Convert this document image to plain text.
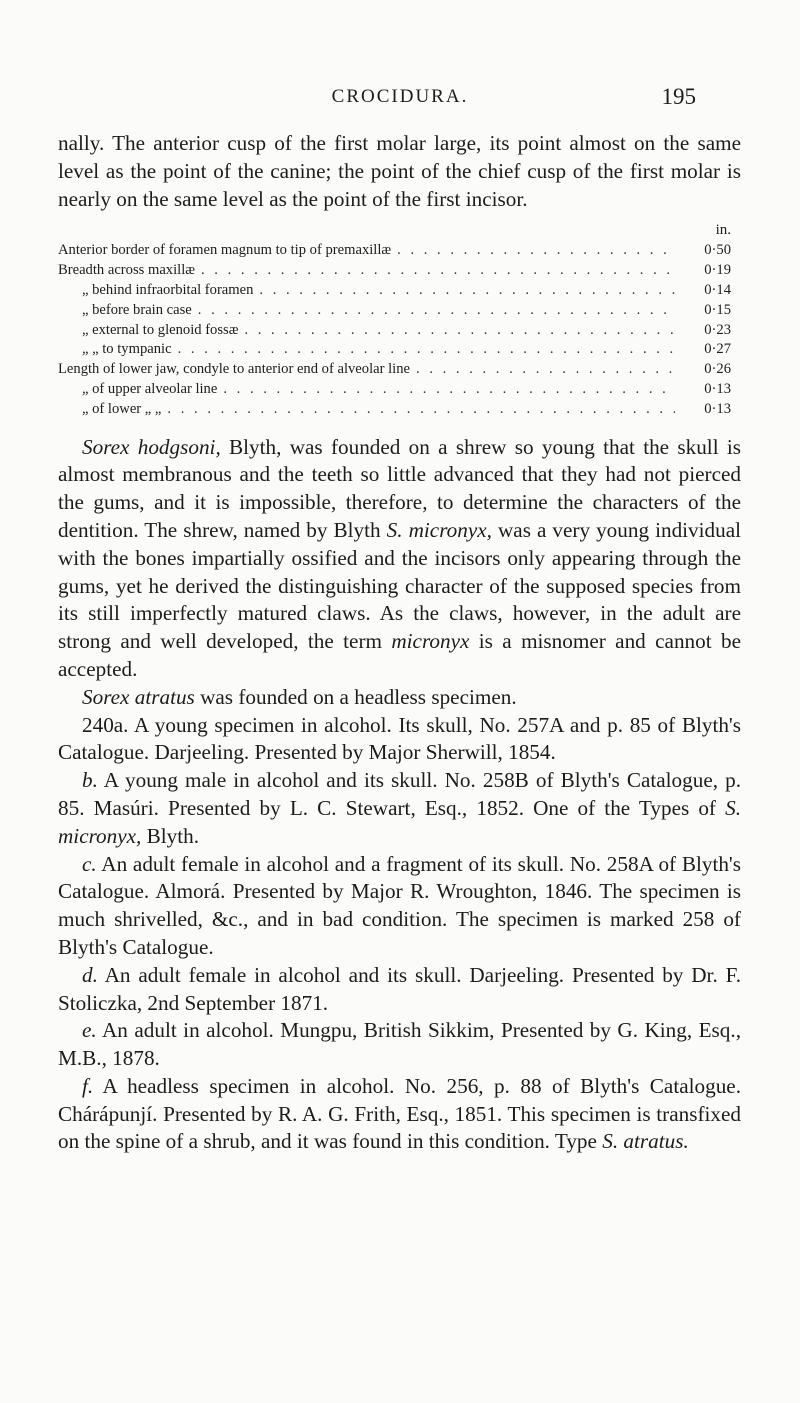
CROCIDURA.	195

nally. The anterior cusp of the first molar large, its point almost on the same level as the point of the canine; the point of the chief cusp of the first molar is nearly on the same level as the point of the first incisor.

in.
Anterior border of foramen magnum to tip of premaxillæ . . .	0·50
Breadth across maxillæ . . .	0·19
„ behind infraorbital foramen . . .	0·14
„ before brain case . . .	0·15
„ external to glenoid fossæ . . .	0·23
„ „ to tympanic . . .	0·27
Length of lower jaw, condyle to anterior end of alveolar line . . .	0·26
„ of upper alveolar line . . .	0·13
„ of lower „ „ . . .	0·13

Sorex hodgsoni, Blyth, was founded on a shrew so young that the skull is almost membranous and the teeth so little advanced that they had not pierced the gums, and it is impossible, therefore, to determine the characters of the dentition. The shrew, named by Blyth S. micronyx, was a very young individual with the bones impartially ossified and the incisors only appearing through the gums, yet he derived the distinguishing character of the supposed species from its still imperfectly matured claws. As the claws, however, in the adult are strong and well developed, the term micronyx is a misnomer and cannot be accepted.

Sorex atratus was founded on a headless specimen.

240a. A young specimen in alcohol. Its skull, No. 257A and p. 85 of Blyth's Catalogue. Darjeeling. Presented by Major Sherwill, 1854.

b. A young male in alcohol and its skull. No. 258B of Blyth's Catalogue, p. 85. Masúri. Presented by L. C. Stewart, Esq., 1852. One of the Types of S. micronyx, Blyth.

c. An adult female in alcohol and a fragment of its skull. No. 258A of Blyth's Catalogue. Almorá. Presented by Major R. Wroughton, 1846. The specimen is much shrivelled, &c., and in bad condition. The specimen is marked 258 of Blyth's Catalogue.

d. An adult female in alcohol and its skull. Darjeeling. Presented by Dr. F. Stoliczka, 2nd September 1871.

e. An adult in alcohol. Mungpu, British Sikkim, Presented by G. King, Esq., M.B., 1878.

f. A headless specimen in alcohol. No. 256, p. 88 of Blyth's Catalogue. Chárápunjí. Presented by R. A. G. Frith, Esq., 1851. This specimen is transfixed on the spine of a shrub, and it was found in this condition. Type S. atratus.
